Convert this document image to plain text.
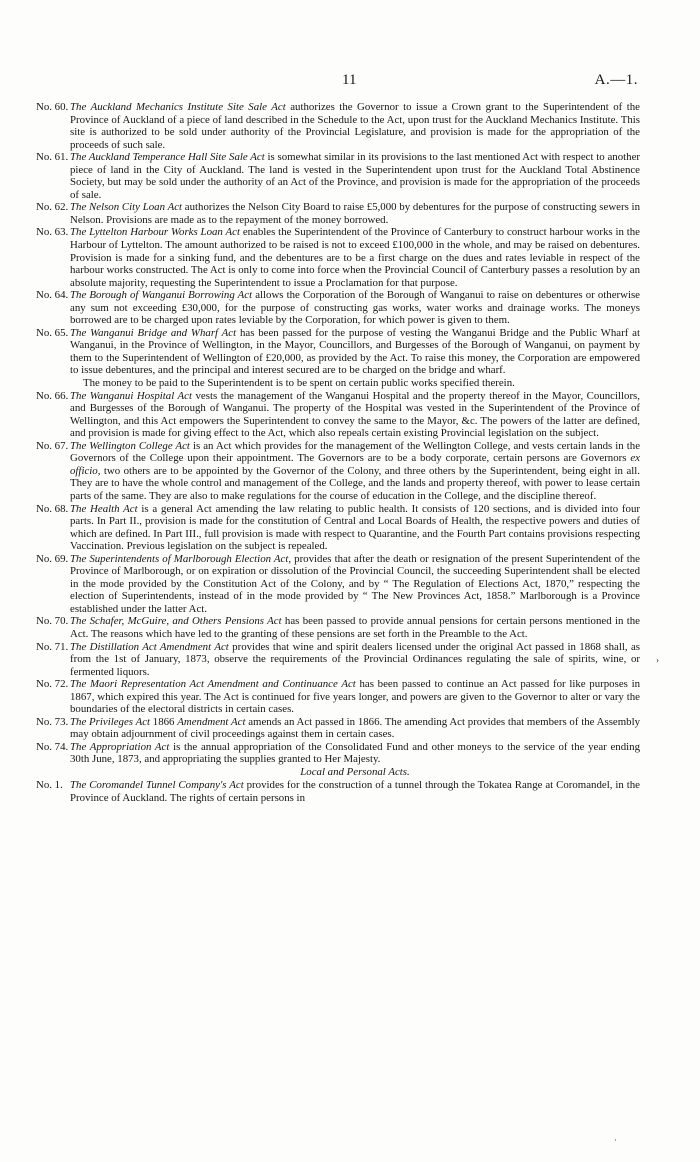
11	A.—1.

No. 60. The Auckland Mechanics Institute Site Sale Act authorizes the Governor to issue a Crown grant to the Superintendent of the Province of Auckland of a piece of land described in the Schedule to the Act, upon trust for the Auckland Mechanics Institute. This site is authorized to be sold under authority of the Provincial Legislature, and provision is made for the appropriation of the proceeds of such sale.

No. 61. The Auckland Temperance Hall Site Sale Act is somewhat similar in its provisions to the last mentioned Act with respect to another piece of land in the City of Auckland. The land is vested in the Superintendent upon trust for the Auckland Total Abstinence Society, but may be sold under the authority of an Act of the Province, and provision is made for the appropriation of the proceeds of sale.

No. 62. The Nelson City Loan Act authorizes the Nelson City Board to raise £5,000 by debentures for the purpose of constructing sewers in Nelson. Provisions are made as to the repayment of the money borrowed.

No. 63. The Lyttelton Harbour Works Loan Act enables the Superintendent of the Province of Canterbury to construct harbour works in the Harbour of Lyttelton. The amount authorized to be raised is not to exceed £100,000 in the whole, and may be raised on debentures. Provision is made for a sinking fund, and the debentures are to be a first charge on the dues and rates leviable in respect of the harbour works constructed. The Act is only to come into force when the Provincial Council of Canterbury passes a resolution by an absolute majority, requesting the Superintendent to issue a Proclamation for that purpose.

No. 64. The Borough of Wanganui Borrowing Act allows the Corporation of the Borough of Wanganui to raise on debentures or otherwise any sum not exceeding £30,000, for the purpose of constructing gas works, water works and drainage works. The moneys borrowed are to be charged upon rates leviable by the Corporation, for which power is given to them.

No. 65. The Wanganui Bridge and Wharf Act has been passed for the purpose of vesting the Wanganui Bridge and the Public Wharf at Wanganui, in the Province of Wellington, in the Mayor, Councillors, and Burgesses of the Borough of Wanganui, on payment by them to the Superintendent of Wellington of £20,000, as provided by the Act. To raise this money, the Corporation are empowered to issue debentures, and the principal and interest secured are to be charged on the bridge and wharf.

The money to be paid to the Superintendent is to be spent on certain public works specified therein.

No. 66. The Wanganui Hospital Act vests the management of the Wanganui Hospital and the property thereof in the Mayor, Councillors, and Burgesses of the Borough of Wanganui. The property of the Hospital was vested in the Superintendent of the Province of Wellington, and this Act empowers the Superintendent to convey the same to the Mayor, &c. The powers of the latter are defined, and provision is made for giving effect to the Act, which also repeals certain existing Provincial legislation on the subject.

No. 67. The Wellington College Act is an Act which provides for the management of the Wellington College, and vests certain lands in the Governors of the College upon their appointment. The Governors are to be a body corporate, certain persons are Governors ex officio, two others are to be appointed by the Governor of the Colony, and three others by the Superintendent, being eight in all. They are to have the whole control and management of the College, and the lands and property thereof, with power to lease certain parts of the same. They are also to make regulations for the course of education in the College, and the discipline thereof.

No. 68. The Health Act is a general Act amending the law relating to public health. It consists of 120 sections, and is divided into four parts. In Part II., provision is made for the constitution of Central and Local Boards of Health, the respective powers and duties of which are defined. In Part III., full provision is made with respect to Quarantine, and the Fourth Part contains provisions respecting Vaccination. Previous legislation on the subject is repealed.

No. 69. The Superintendents of Marlborough Election Act, provides that after the death or resignation of the present Superintendent of the Province of Marlborough, or on expiration or dissolution of the Provincial Council, the succeeding Superintendent shall be elected in the mode provided by the Constitution Act of the Colony, and by “ The Regulation of Elections Act, 1870,” respecting the election of Superintendents, instead of in the mode provided by “ The New Provinces Act, 1858.” Marlborough is a Province established under the latter Act.

No. 70. The Schafer, McGuire, and Others Pensions Act has been passed to provide annual pensions for certain persons mentioned in the Act. The reasons which have led to the granting of these pensions are set forth in the Preamble to the Act.

No. 71. The Distillation Act Amendment Act provides that wine and spirit dealers licensed under the original Act passed in 1868 shall, as from the 1st of January, 1873, observe the requirements of the Provincial Ordinances regulating the sale of spirits, wine, or fermented liquors.

No. 72. The Maori Representation Act Amendment and Continuance Act has been passed to continue an Act passed for like purposes in 1867, which expired this year. The Act is continued for five years longer, and powers are given to the Governor to alter or vary the boundaries of the electoral districts in certain cases.

No. 73. The Privileges Act 1866 Amendment Act amends an Act passed in 1866. The amending Act provides that members of the Assembly may obtain adjournment of civil proceedings against them in certain cases.

No. 74. The Appropriation Act is the annual appropriation of the Consolidated Fund and other moneys to the service of the year ending 30th June, 1873, and appropriating the supplies granted to Her Majesty.

Local and Personal Acts.

No. 1. The Coromandel Tunnel Company's Act provides for the construction of a tunnel through the Tokatea Range at Coromandel, in the Province of Auckland. The rights of certain persons in

›
·
